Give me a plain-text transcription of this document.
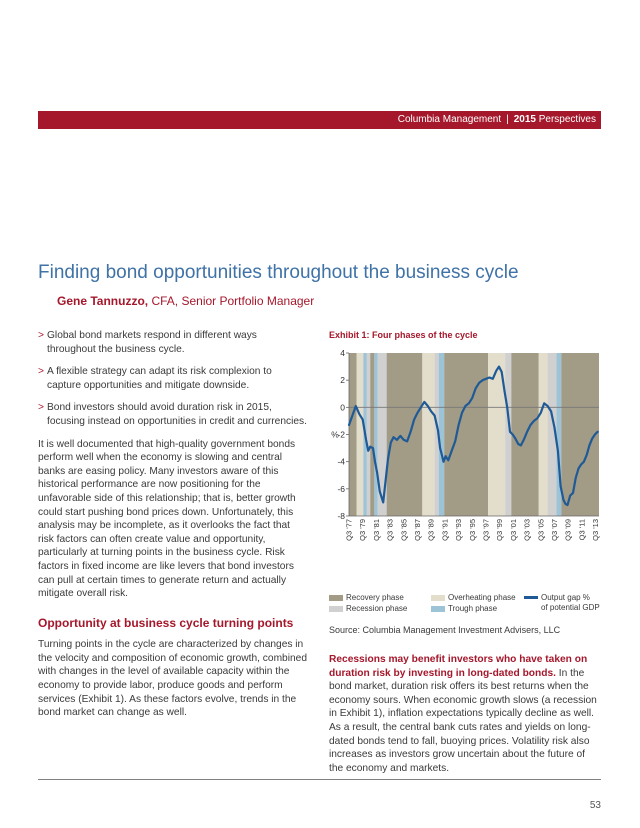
Columbia Management | 2015 Perspectives
Finding bond opportunities throughout the business cycle
Gene Tannuzzo, CFA, Senior Portfolio Manager
> Global bond markets respond in different ways throughout the business cycle.
> A flexible strategy can adapt its risk complexion to capture opportunities and mitigate downside.
> Bond investors should avoid duration risk in 2015, focusing instead on opportunities in credit and currencies.

It is well documented that high-quality government bonds perform well when the economy is slowing and central banks are easing policy. Many investors aware of this historical performance are now positioning for the unfavorable side of this relationship; that is, better growth could start pushing bond prices down. Unfortunately, this analysis may be incomplete, as it overlooks the fact that risk factors can often create value and opportunity, particularly at turning points in the business cycle. Risk factors in fixed income are like levers that bond investors can pull at certain times to generate return and actually mitigate overall risk.

Opportunity at business cycle turning points

Turning points in the cycle are characterized by changes in the velocity and composition of economic growth, combined with changes in the level of available capacity within the economy to provide labor, produce goods and perform services (Exhibit 1). As these factors evolve, trends in the bond market can change as well.

Exhibit 1: Four phases of the cycle
4
2
0
-2
-4
-6
-8
%
Q3 '77 Q3 '79 Q3 '81 Q3 '83 Q3 '85 Q3 '87 Q3 '89 Q3 '91 Q3 '93 Q3 '95 Q3 '97 Q3 '99 Q3 '01 Q3 '03 Q3 '05 Q3 '07 Q3 '09 Q3 '11 Q3 '13
Recovery phase	Overheating phase	Output gap %
of potential GDP
Recession phase	Trough phase
Source: Columbia Management Investment Advisers, LLC
Recessions may benefit investors who have taken on duration risk by investing in long-dated bonds. In the bond market, duration risk offers its best returns when the economy sours. When economic growth slows (a recession in Exhibit 1), inflation expectations typically decline as well. As a result, the central bank cuts rates and yields on long-dated bonds tend to fall, buoying prices. Volatility risk also increases as investors grow uncertain about the future of the economy and markets.
53
